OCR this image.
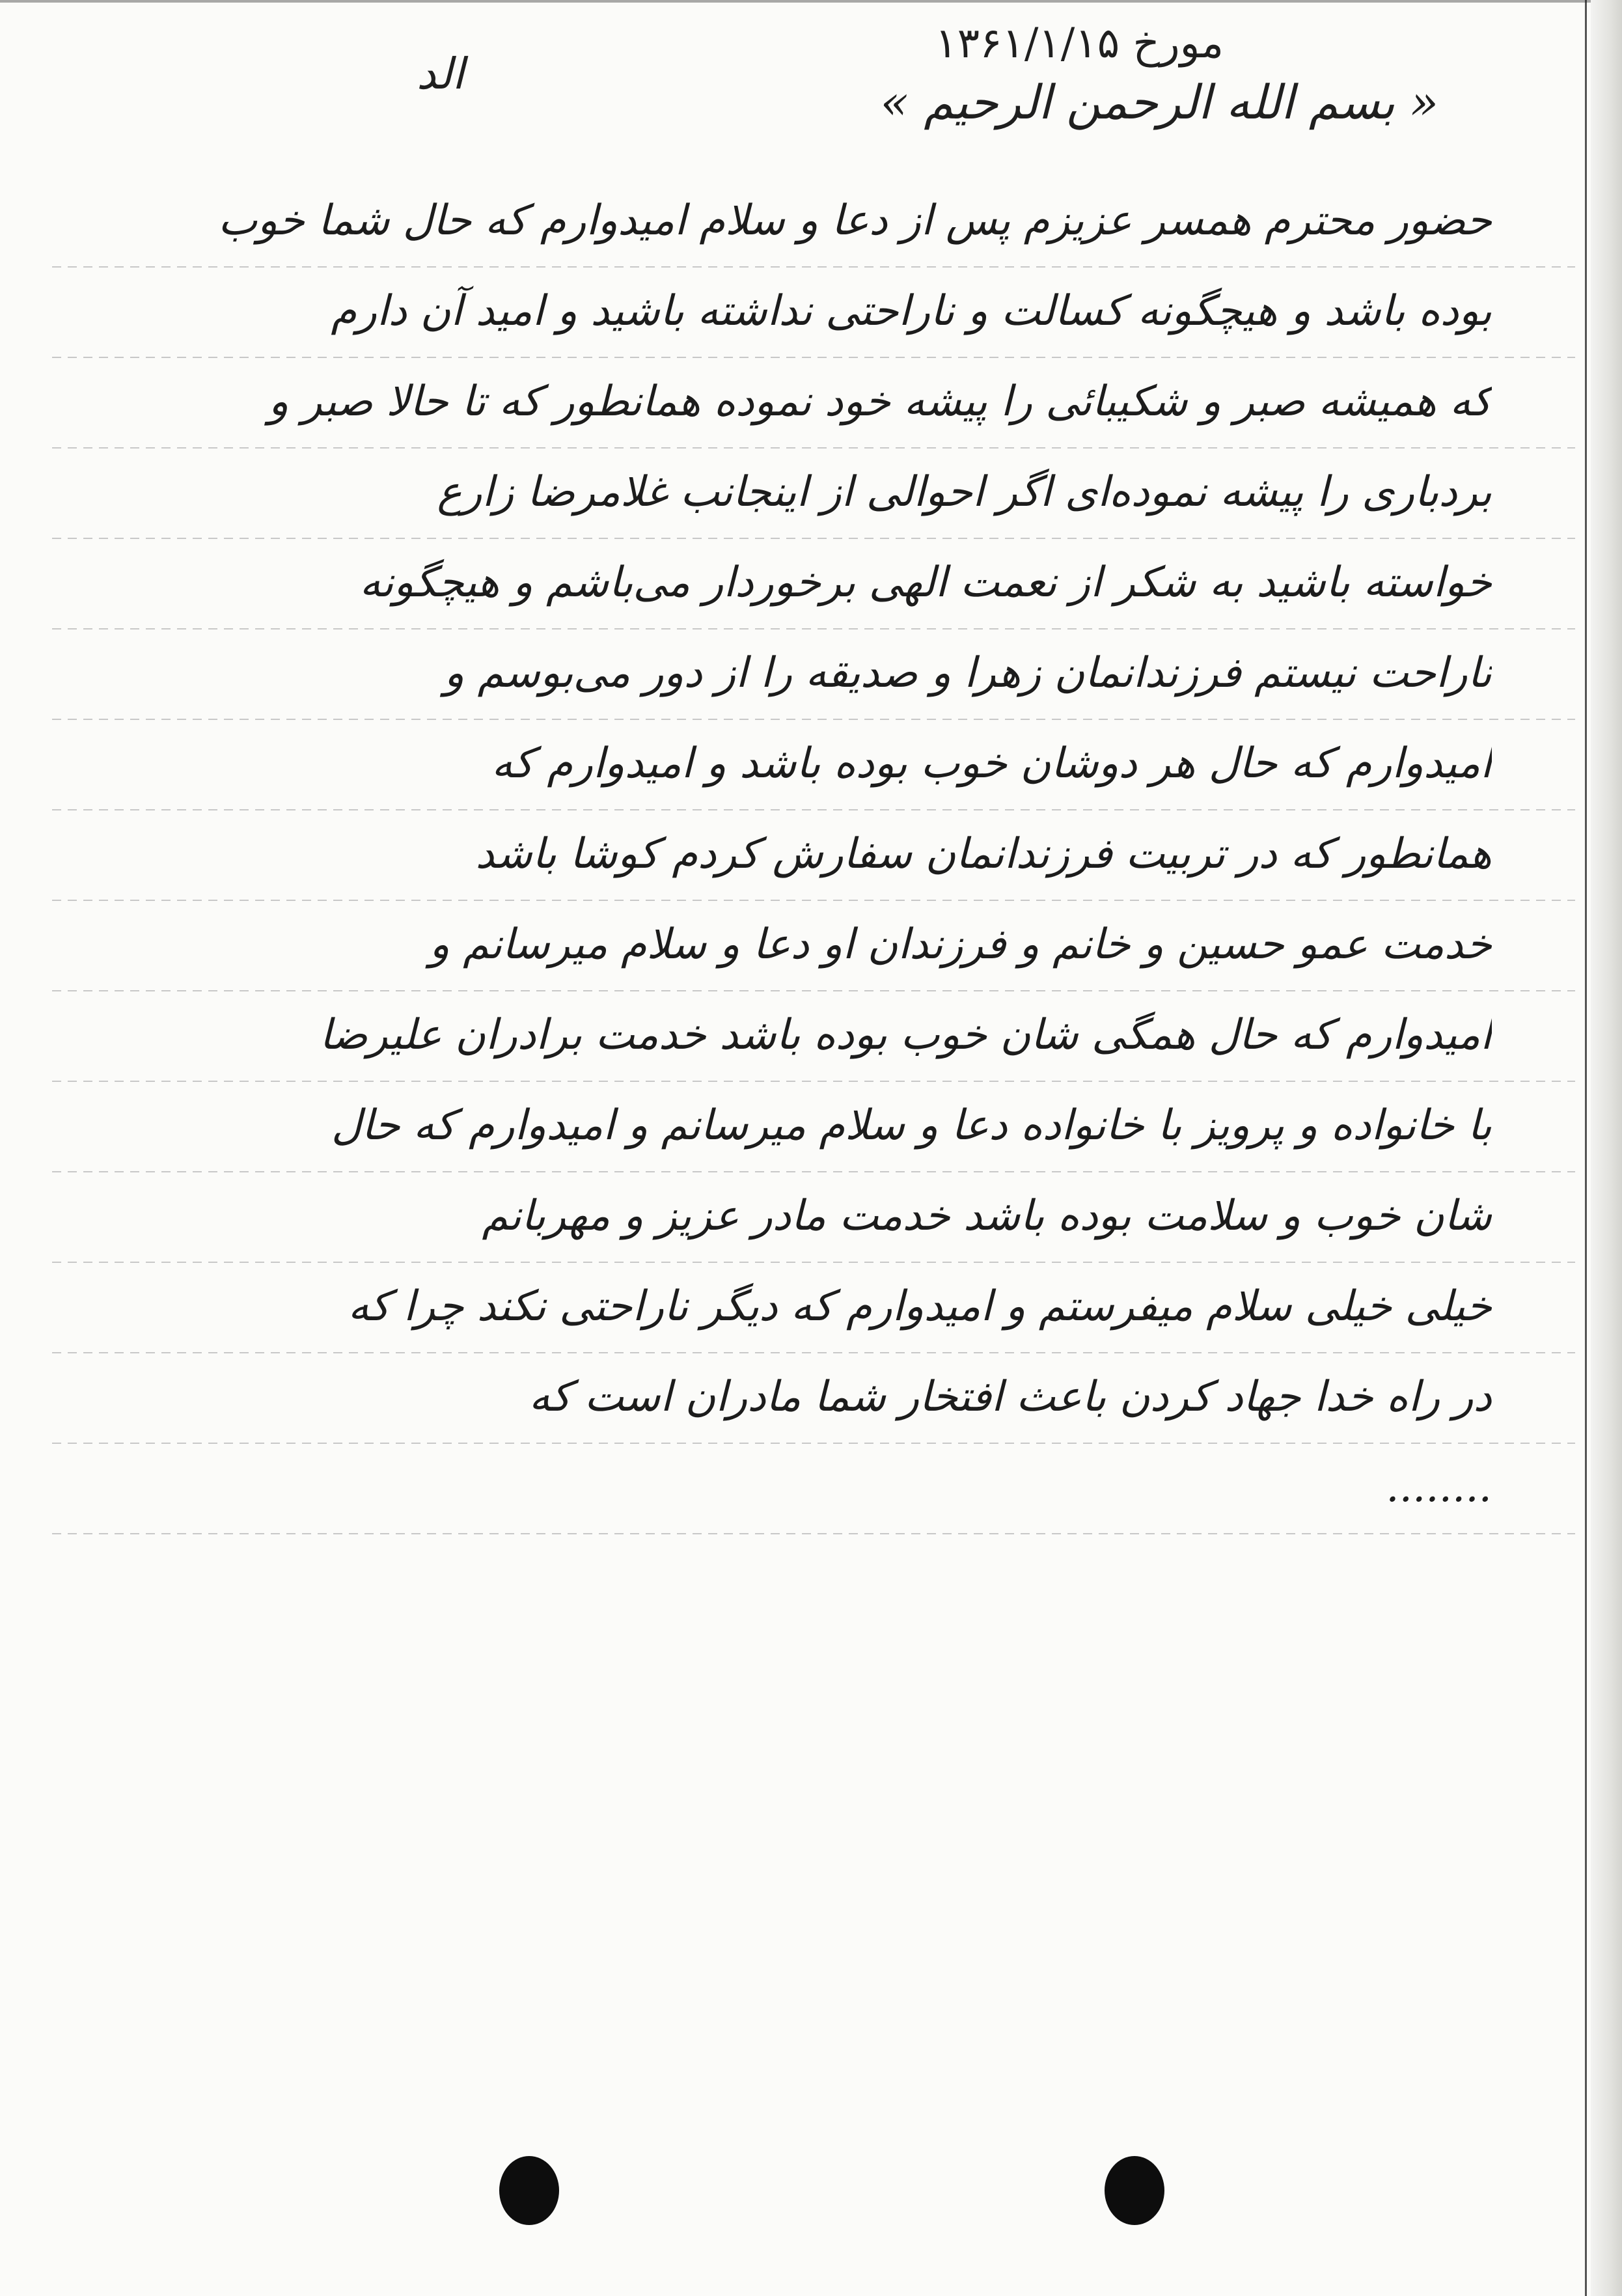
مورخ ۱۳۶۱/۱/۱۵
« بسم الله الرحمن الرحیم »
الد
حضور محترم همسر عزیزم پس از دعا و سلام امیدوارم که حال شما خوب
بوده باشد و هیچگونه کسالت و ناراحتی نداشته باشید و امید آن دارم
که همیشه صبر و شکیبائی را پیشه خود نموده همانطور که تا حالا صبر و
بردباری را پیشه نموده‌ای اگر احوالی از اینجانب غلامرضا زارع
خواسته باشید به شکر از نعمت الهی برخوردار می‌باشم و هیچگونه
ناراحت نیستم فرزندانمان زهرا و صدیقه را از دور می‌بوسم و
امیدوارم که حال هر دوشان خوب بوده باشد و امیدوارم که
همانطور که در تربیت فرزندانمان سفارش کردم کوشا باشد
خدمت عمو حسین و خانم و فرزندان او دعا و سلام میرسانم و
امیدوارم که حال همگی شان خوب بوده باشد خدمت برادران علیرضا
با خانواده و پرویز با خانواده دعا و سلام میرسانم و امیدوارم که حال
شان خوب و سلامت بوده باشد خدمت مادر عزیز و مهربانم
خیلی خیلی سلام میفرستم و امیدوارم که دیگر ناراحتی نکند چرا که
در راه خدا جهاد کردن باعث افتخار شما مادران است که
........
